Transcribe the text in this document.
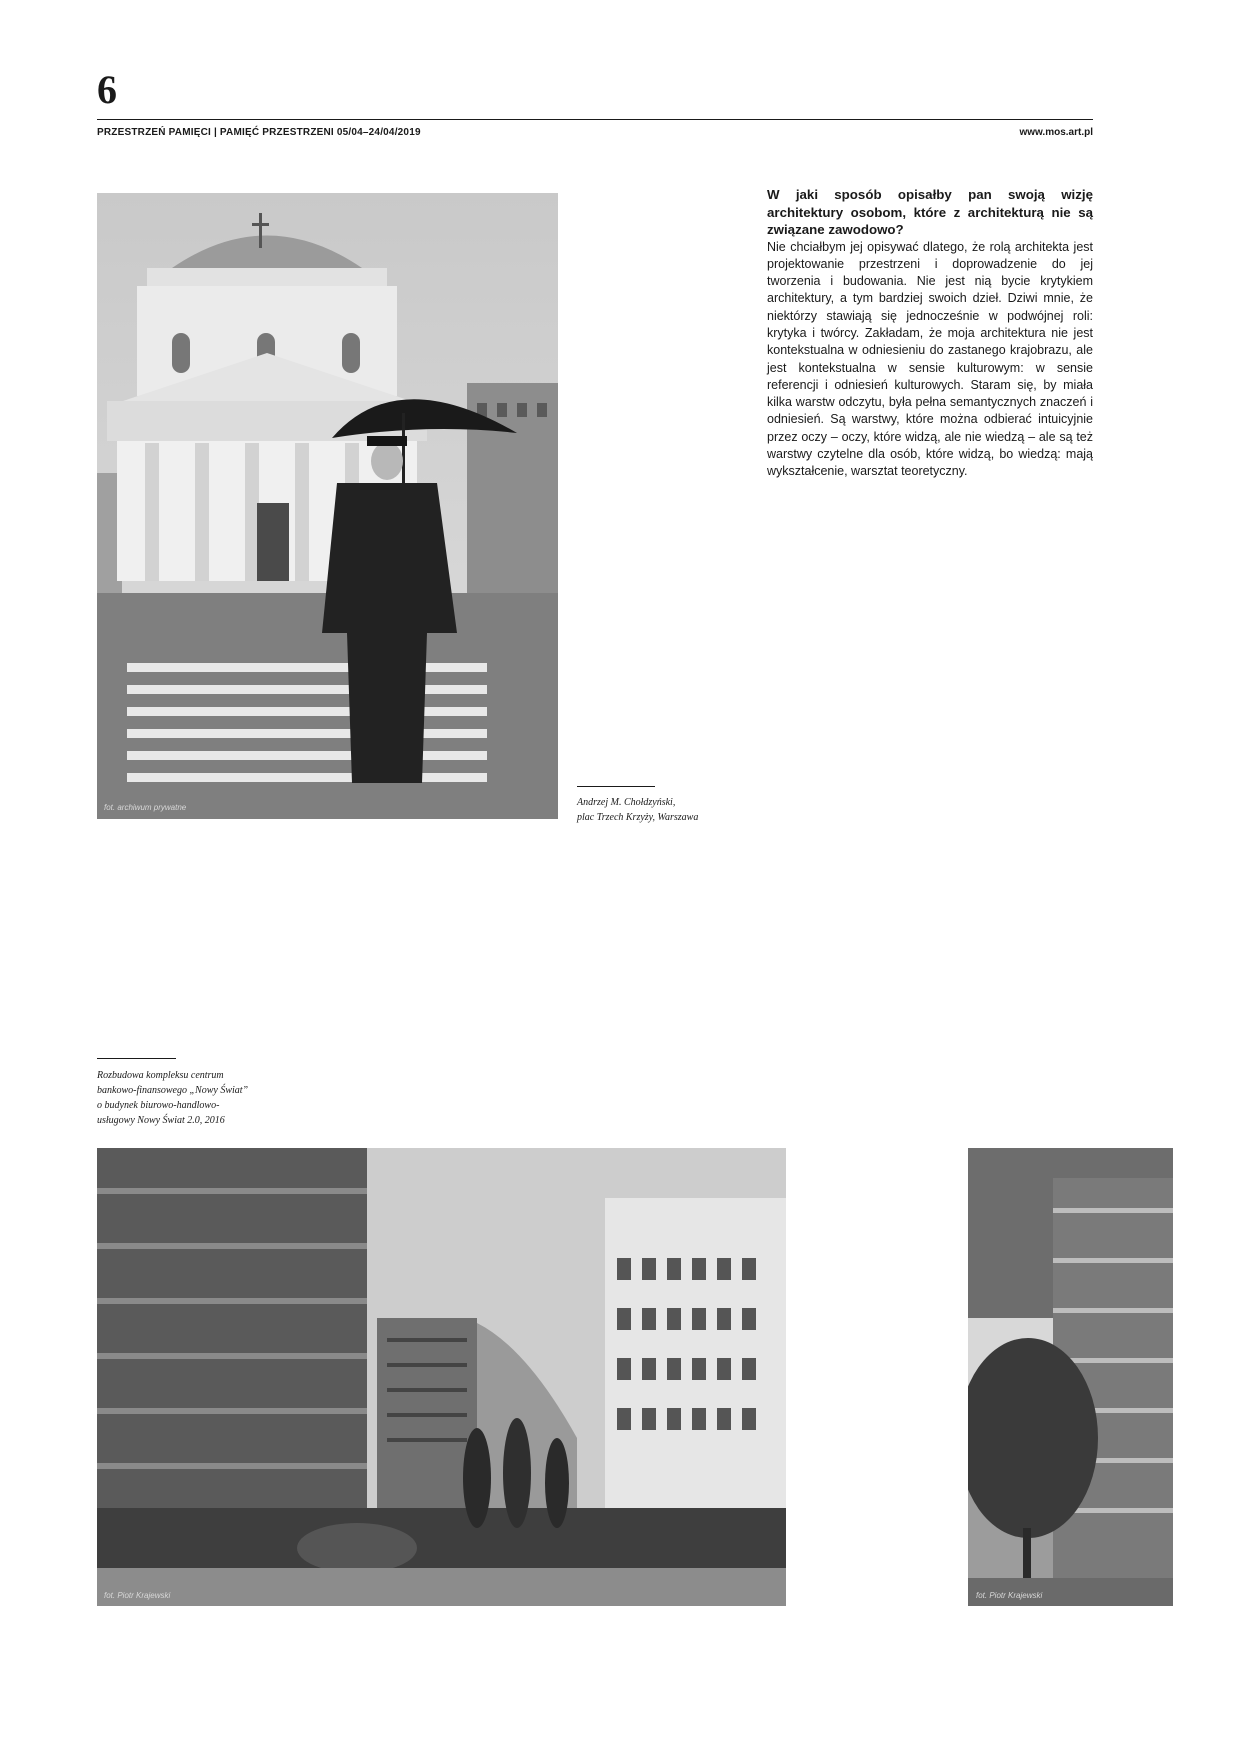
6
PRZESTRZEŃ PAMIĘCI | PAMIĘĆ PRZESTRZENI 05/04–24/04/2019	www.mos.art.pl
fot. archiwum prywatne	Andrzej M. Chołdzyński,
plac Trzech Krzyży, Warszawa

W jaki sposób opisałby pan swoją wizję architektury osobom, które z architekturą nie są związane zawodowo?

Nie chciałbym jej opisywać dlatego, że rolą architekta jest projektowanie przestrzeni i doprowadzenie do jej tworzenia i budowania. Nie jest nią bycie krytykiem architektury, a tym bardziej swoich dzieł. Dziwi mnie, że niektórzy stawiają się jednocześnie w podwójnej roli: krytyka i twórcy. Zakładam, że moja architektura nie jest kontekstualna w odniesieniu do zastanego krajobrazu, ale jest kontekstualna w sensie kulturowym: w sensie referencji i odniesień kulturowych. Staram się, by miała kilka warstw odczytu, była pełna semantycznych znaczeń i odniesień. Są warstwy, które można odbierać intuicyjnie przez oczy – oczy, które widzą, ale nie wiedzą – ale są też warstwy czytelne dla osób, które widzą, bo wiedzą: mają wykształcenie, warsztat teoretyczny.

Rozbudowa kompleksu centrum
bankowo-finansowego „Nowy Świat”
o budynek biurowo-handlowo-
usługowy Nowy Świat 2.0, 2016
fot. Piotr Krajewski	fot. Piotr Krajewski
